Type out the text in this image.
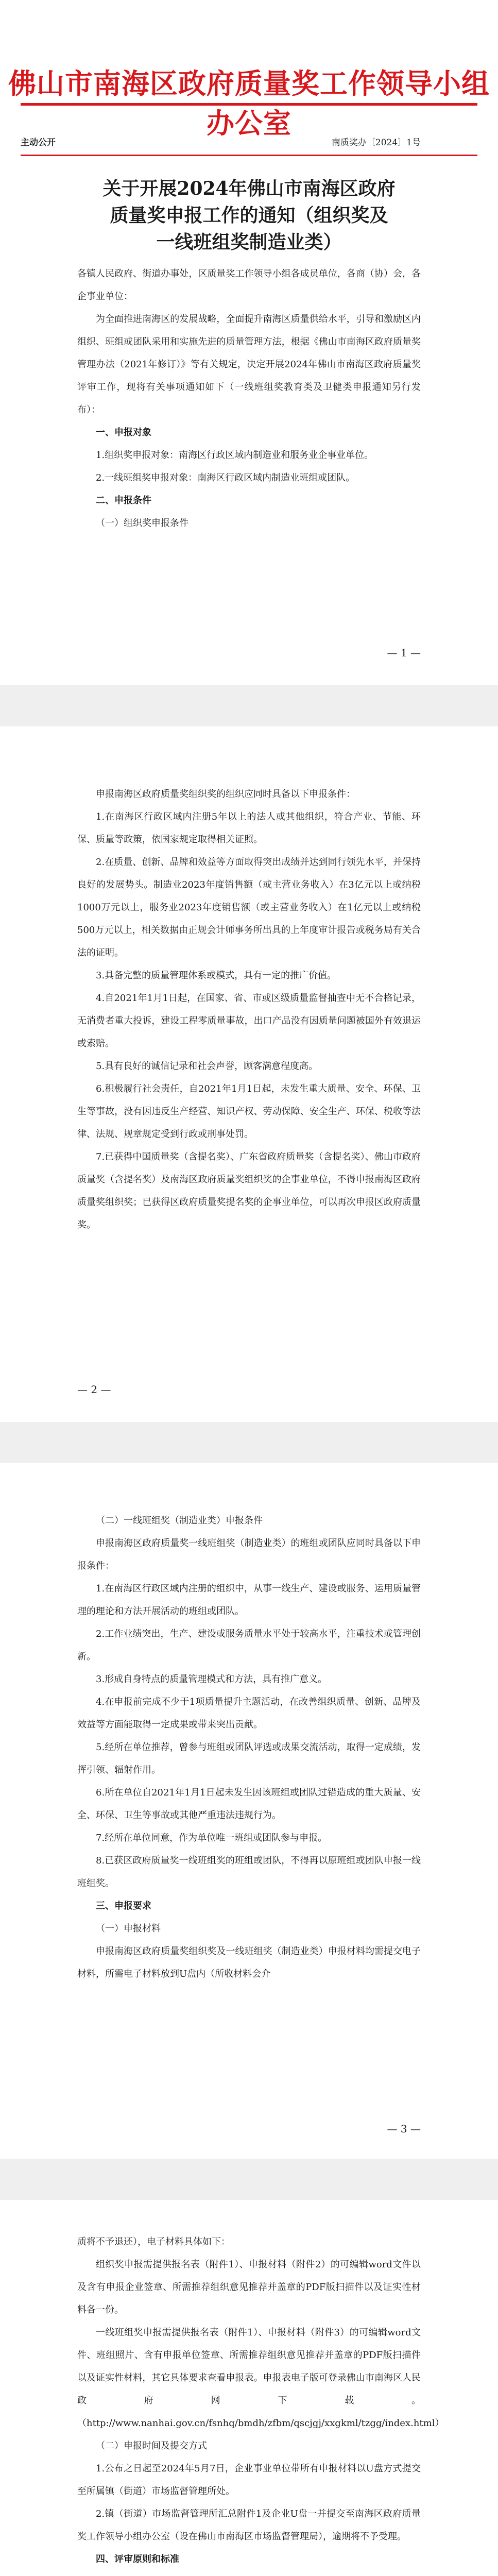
佛山市南海区政府质量奖工作领导小组办公室
主动公开	南质奖办〔2024〕1号
关于开展2024年佛山市南海区政府
质量奖申报工作的通知（组织奖及
一线班组奖制造业类）

各镇人民政府、街道办事处，区质量奖工作领导小组各成员单位，各商（协）会，各企事业单位：

为全面推进南海区的发展战略，全面提升南海区质量供给水平，引导和激励区内组织、班组或团队采用和实施先进的质量管理方法，根据《佛山市南海区政府质量奖管理办法（2021年修订）》等有关规定，决定开展2024年佛山市南海区政府质量奖评审工作，现将有关事项通知如下（一线班组奖教育类及卫健类申报通知另行发布）：

一、申报对象

1.组织奖申报对象：南海区行政区域内制造业和服务业企事业单位。

2.一线班组奖申报对象：南海区行政区域内制造业班组或团队。

二、申报条件

（一）组织奖申报条件

— 1 —

申报南海区政府质量奖组织奖的组织应同时具备以下申报条件：

1.在南海区行政区域内注册5年以上的法人或其他组织，符合产业、节能、环保、质量等政策，依国家规定取得相关证照。

2.在质量、创新、品牌和效益等方面取得突出成绩并达到同行领先水平，并保持良好的发展势头。制造业2023年度销售额（或主营业务收入）在3亿元以上或纳税1000万元以上，服务业2023年度销售额（或主营业务收入）在1亿元以上或纳税500万元以上，相关数据由正规会计师事务所出具的上年度审计报告或税务局有关合法的证明。

3.具备完整的质量管理体系或模式，具有一定的推广价值。

4.自2021年1月1日起，在国家、省、市或区级质量监督抽查中无不合格记录，无消费者重大投诉，建设工程零质量事故，出口产品没有因质量问题被国外有效退运或索赔。

5.具有良好的诚信记录和社会声誉，顾客满意程度高。

6.积极履行社会责任，自2021年1月1日起，未发生重大质量、安全、环保、卫生等事故，没有因违反生产经营、知识产权、劳动保障、安全生产、环保、税收等法律、法规、规章规定受到行政或刑事处罚。

7.已获得中国质量奖（含提名奖）、广东省政府质量奖（含提名奖）、佛山市政府质量奖（含提名奖）及南海区政府质量奖组织奖的企事业单位，不得申报南海区政府质量奖组织奖；已获得区政府质量奖提名奖的企事业单位，可以再次申报区政府质量奖。

— 2 —

（二）一线班组奖（制造业类）申报条件

申报南海区政府质量奖一线班组奖（制造业类）的班组或团队应同时具备以下申报条件：

1.在南海区行政区域内注册的组织中，从事一线生产、建设或服务、运用质量管理的理论和方法开展活动的班组或团队。

2.工作业绩突出，生产、建设或服务质量水平处于较高水平，注重技术或管理创新。

3.形成自身特点的质量管理模式和方法，具有推广意义。

4.在申报前完成不少于1项质量提升主题活动，在改善组织质量、创新、品牌及效益等方面能取得一定成果或带来突出贡献。

5.经所在单位推荐，曾参与班组或团队评选或成果交流活动，取得一定成绩，发挥引领、辐射作用。

6.所在单位自2021年1月1日起未发生因该班组或团队过错造成的重大质量、安全、环保、卫生等事故或其他严重违法违规行为。

7.经所在单位同意，作为单位唯一班组或团队参与申报。

8.已获区政府质量奖一线班组奖的班组或团队，不得再以原班组或团队申报一线班组奖。

三、申报要求

（一）申报材料

申报南海区政府质量奖组织奖及一线班组奖（制造业类）申报材料均需提交电子材料，所需电子材料放到U盘内（所收材料会介

— 3 —

质将不予退还），电子材料具体如下：

组织奖申报需提供报名表（附件1）、申报材料（附件2）的可编辑word文件以及含有申报企业签章、所需推荐组织意见推荐并盖章的PDF版扫描件以及证实性材料各一份。

一线班组奖申报需提供报名表（附件1）、申报材料（附件3）的可编辑word文件、班组照片、含有申报单位签章、所需推荐组织意见推荐并盖章的PDF版扫描件以及证实性材料，其它具体要求查看申报表。申报表电子版可登录佛山市南海区人民政府网下载。（http://www.nanhai.gov.cn/fsnhq/bmdh/zfbm/qscjgj/xxgkml/tzgg/index.html）

（二）申报时间及提交方式

1.公布之日起至2024年5月7日，企业事业单位带所有申报材料以U盘方式提交至所属镇（街道）市场监督管理所处。

2.镇（街道）市场监督管理所汇总附件1及企业U盘一并提交至南海区政府质量奖工作领导小组办公室（设在佛山市南海区市场监督管理局），逾期将不予受理。

四、评审原则和标准
